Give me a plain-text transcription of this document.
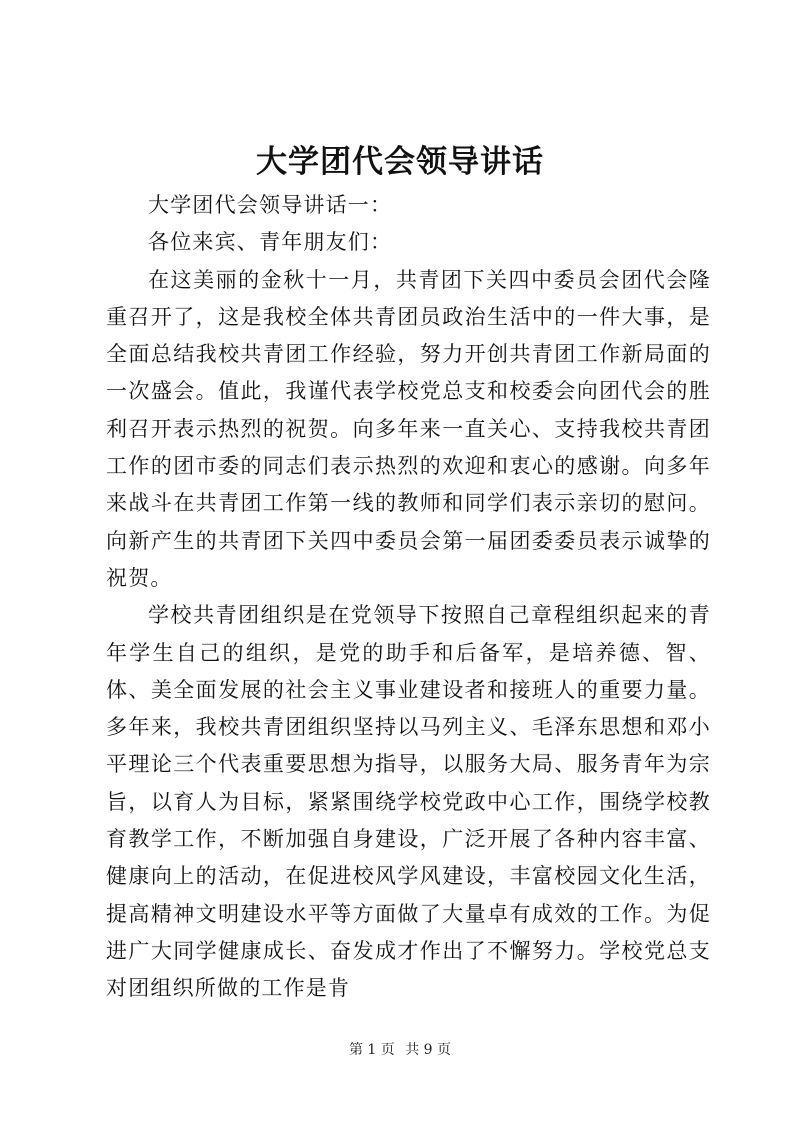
大学团代会领导讲话

大学团代会领导讲话一：

各位来宾、青年朋友们：

在这美丽的金秋十一月，共青团下关四中委员会团代会隆重召开了，这是我校全体共青团员政治生活中的一件大事，是全面总结我校共青团工作经验，努力开创共青团工作新局面的一次盛会。值此，我谨代表学校党总支和校委会向团代会的胜利召开表示热烈的祝贺。向多年来一直关心、支持我校共青团工作的团市委的同志们表示热烈的欢迎和衷心的感谢。向多年来战斗在共青团工作第一线的教师和同学们表示亲切的慰问。向新产生的共青团下关四中委员会第一届团委委员表示诚挚的祝贺。

学校共青团组织是在党领导下按照自己章程组织起来的青年学生自己的组织，是党的助手和后备军，是培养德、智、体、美全面发展的社会主义事业建设者和接班人的重要力量。多年来，我校共青团组织坚持以马列主义、毛泽东思想和邓小平理论三个代表重要思想为指导，以服务大局、服务青年为宗旨，以育人为目标，紧紧围绕学校党政中心工作，围绕学校教育教学工作，不断加强自身建设，广泛开展了各种内容丰富、健康向上的活动，在促进校风学风建设，丰富校园文化生活，提高精神文明建设水平等方面做了大量卓有成效的工作。为促进广大同学健康成长、奋发成才作出了不懈努力。学校党总支对团组织所做的工作是肯

第 1 页 共 9 页
